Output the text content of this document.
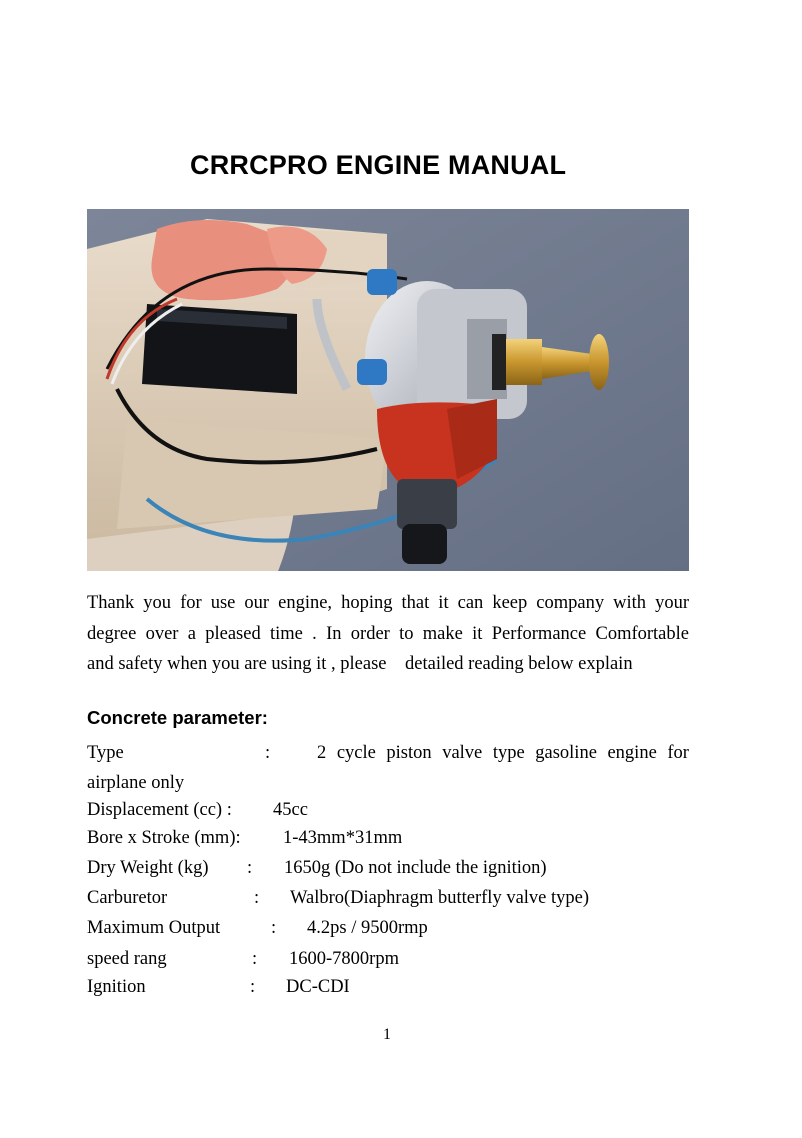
CRRCPRO ENGINE MANUAL
Thank you for use our engine, hoping that it can keep company with your
degree over a pleased time . In order to make it Performance Comfortable
and safety when you are using it , please    detailed reading below explain
Concrete parameter:
Type	:	2 cycle piston valve type gasoline engine for
airplane only
Displacement (cc) : 45cc
Bore x Stroke (mm): 1-43mm*31mm
Dry Weight (kg) : 1650g (Do not include the ignition)
Carburetor	: Walbro(Diaphragm butterfly valve type)
Maximum Output	: 4.2ps / 9500rmp
speed rang	: 1600-7800rpm
Ignition	: DC-CDI
1
